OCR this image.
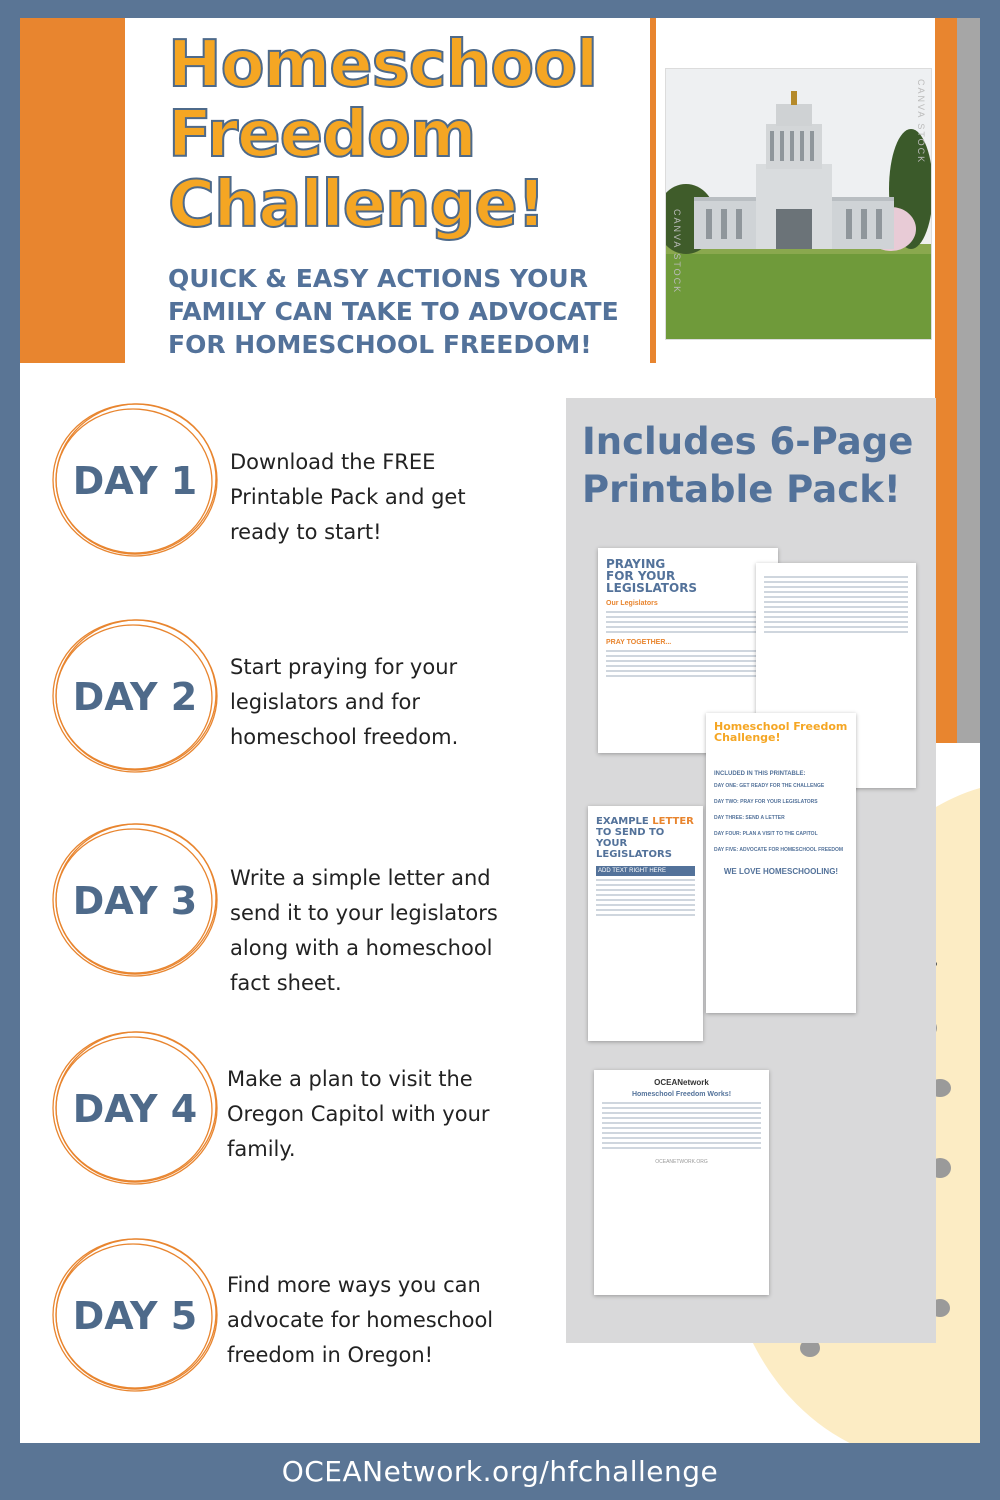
Homeschool
Freedom
Challenge!

QUICK & EASY ACTIONS YOUR FAMILY CAN TAKE TO ADVOCATE FOR HOMESCHOOL FREEDOM!

CANVA STOCK
CANVA STOCK
DAY 1	Download the FREE Printable Pack and get ready to start!

DAY 2

Start praying for your legislators and for homeschool freedom.

DAY 3

Write a simple letter and send it to your legislators along with a homeschool fact sheet.

DAY 4

Make a plan to visit the Oregon Capitol with your family.

DAY 5

Find more ways you can advocate for homeschool freedom in Oregon!

Includes 6-Page Printable Pack!
PRAYING FOR YOUR LEGISLATORS
Our Legislators
PRAY TOGETHER...
EXAMPLE LETTER TO SEND TO YOUR LEGISLATORS
ADD TEXT RIGHT HERE
Homeschool Freedom Challenge!
INCLUDED IN THIS PRINTABLE:
DAY ONE: GET READY FOR THE CHALLENGE
DAY TWO: PRAY FOR YOUR LEGISLATORS
DAY THREE: SEND A LETTER
DAY FOUR: PLAN A VISIT TO THE CAPITOL
DAY FIVE: ADVOCATE FOR HOMESCHOOL FREEDOM
WE LOVE HOMESCHOOLING!
OCEANetwork
Homeschool Freedom Works!
OCEANETWORK.ORG
OCEANetwork.org/hfchallenge
